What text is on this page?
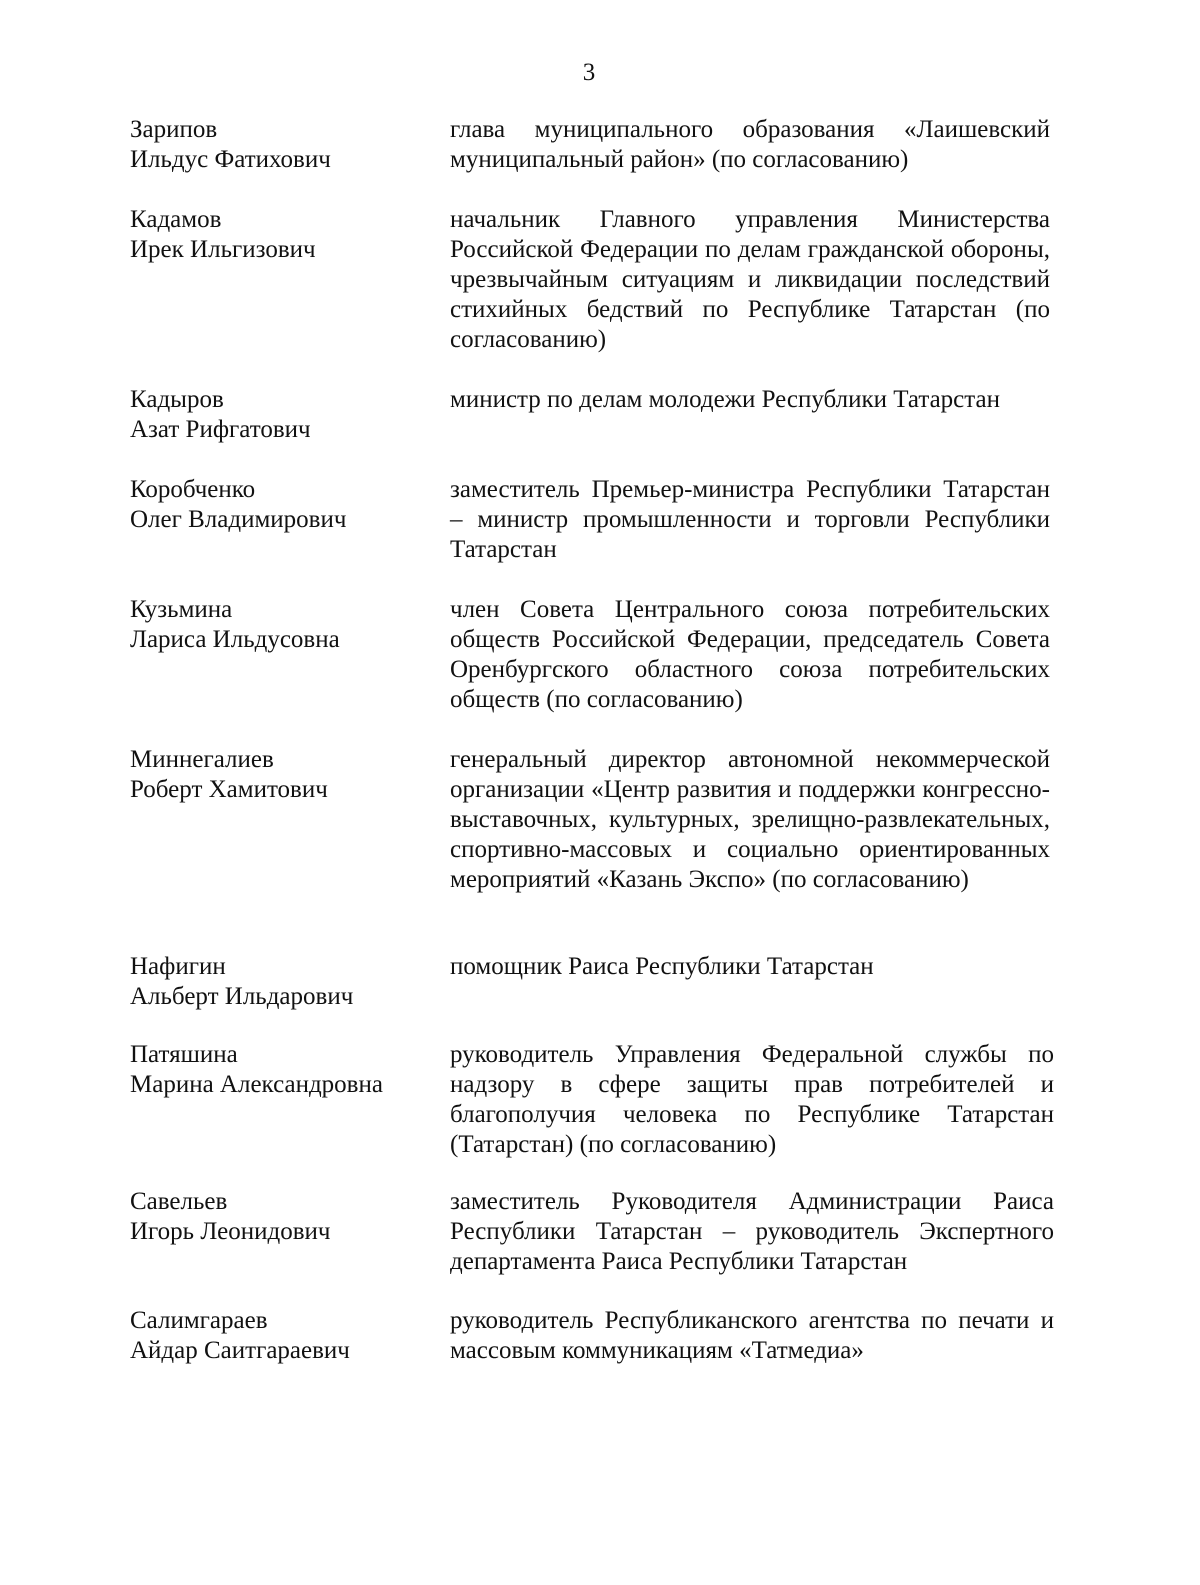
3
Зарипов
Ильдус Фатихович
глава муниципального образования «Лаишевский муниципальный район» (по согласованию)
Кадамов
Ирек Ильгизович
начальник Главного управления Министерства Российской Федерации по делам гражданской обороны, чрезвычайным ситуациям и ликвидации последствий стихийных бедствий по Республике Татарстан (по согласованию)
Кадыров
Азат Рифгатович
министр по делам молодежи Республики Татарстан
Коробченко
Олег Владимирович
заместитель Премьер-министра Республики Татарстан – министр промышленности и торговли Республики Татарстан
Кузьмина
Лариса Ильдусовна
член Совета Центрального союза потребительских обществ Российской Федерации, председатель Совета Оренбургского областного союза потребительских обществ (по согласованию)
Миннегалиев
Роберт Хамитович
генеральный директор автономной некоммерческой организации «Центр развития и поддержки конгрессно-выставочных, культурных, зрелищно-развлекательных, спортивно-массовых и социально ориентированных мероприятий «Казань Экспо» (по согласованию)
Нафигин
Альберт Ильдарович
помощник Раиса Республики Татарстан
Патяшина
Марина Александровна
руководитель Управления Федеральной службы по надзору в сфере защиты прав потребителей и благополучия человека по Республике Татарстан (Татарстан) (по согласованию)
Савельев
Игорь Леонидович
заместитель Руководителя Администрации Раиса Республики Татарстан – руководитель Экспертного департамента Раиса Республики Татарстан
Салимгараев
Айдар Саитгараевич
руководитель Республиканского агентства по печати и массовым коммуникациям «Татмедиа»
